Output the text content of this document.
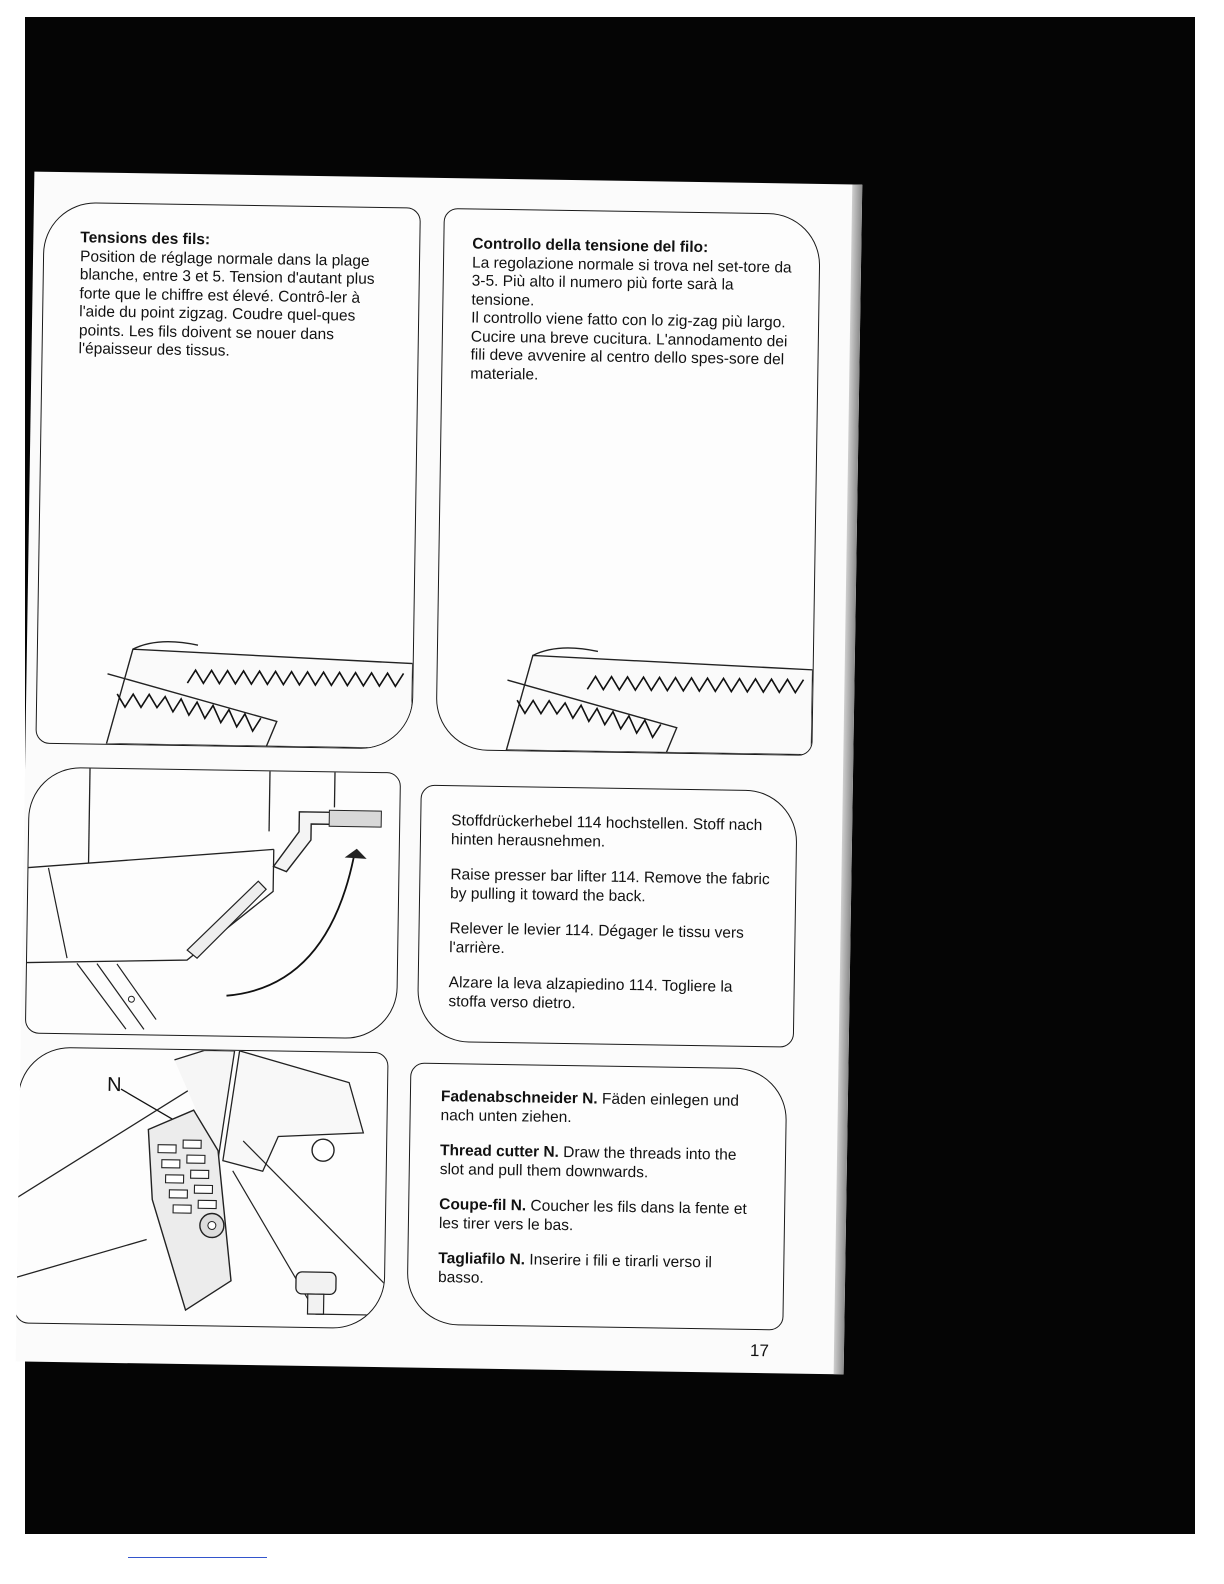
Tensions des fils:
Position de réglage normale dans la plage blanche, entre 3 et 5. Tension d'autant plus forte que le chiffre est élevé. Contrô-ler à l'aide du point zigzag. Coudre quel-ques points. Les fils doivent se nouer dans l'épaisseur des tissus.
Controllo della tensione del filo:
La regolazione normale si trova nel set-tore da 3-5. Più alto il numero più forte sarà la tensione.
Il controllo viene fatto con lo zig-zag più largo.
Cucire una breve cucitura. L'annodamento dei fili deve avvenire al centro dello spes-sore del materiale.

Stoffdrückerhebel 114 hochstellen. Stoff nach hinten herausnehmen.

Raise presser bar lifter 114. Remove the fabric by pulling it toward the back.

Relever le levier 114. Dégager le tissu vers l'arrière.

Alzare la leva alzapiedino 114. Togliere la stoffa verso dietro.

N

Fadenabschneider N. Fäden einlegen und nach unten ziehen.

Thread cutter N. Draw the threads into the slot and pull them downwards.

Coupe-fil N. Coucher les fils dans la fente et les tirer vers le bas.

Tagliafilo N. Inserire i fili e tirarli verso il basso.

17
